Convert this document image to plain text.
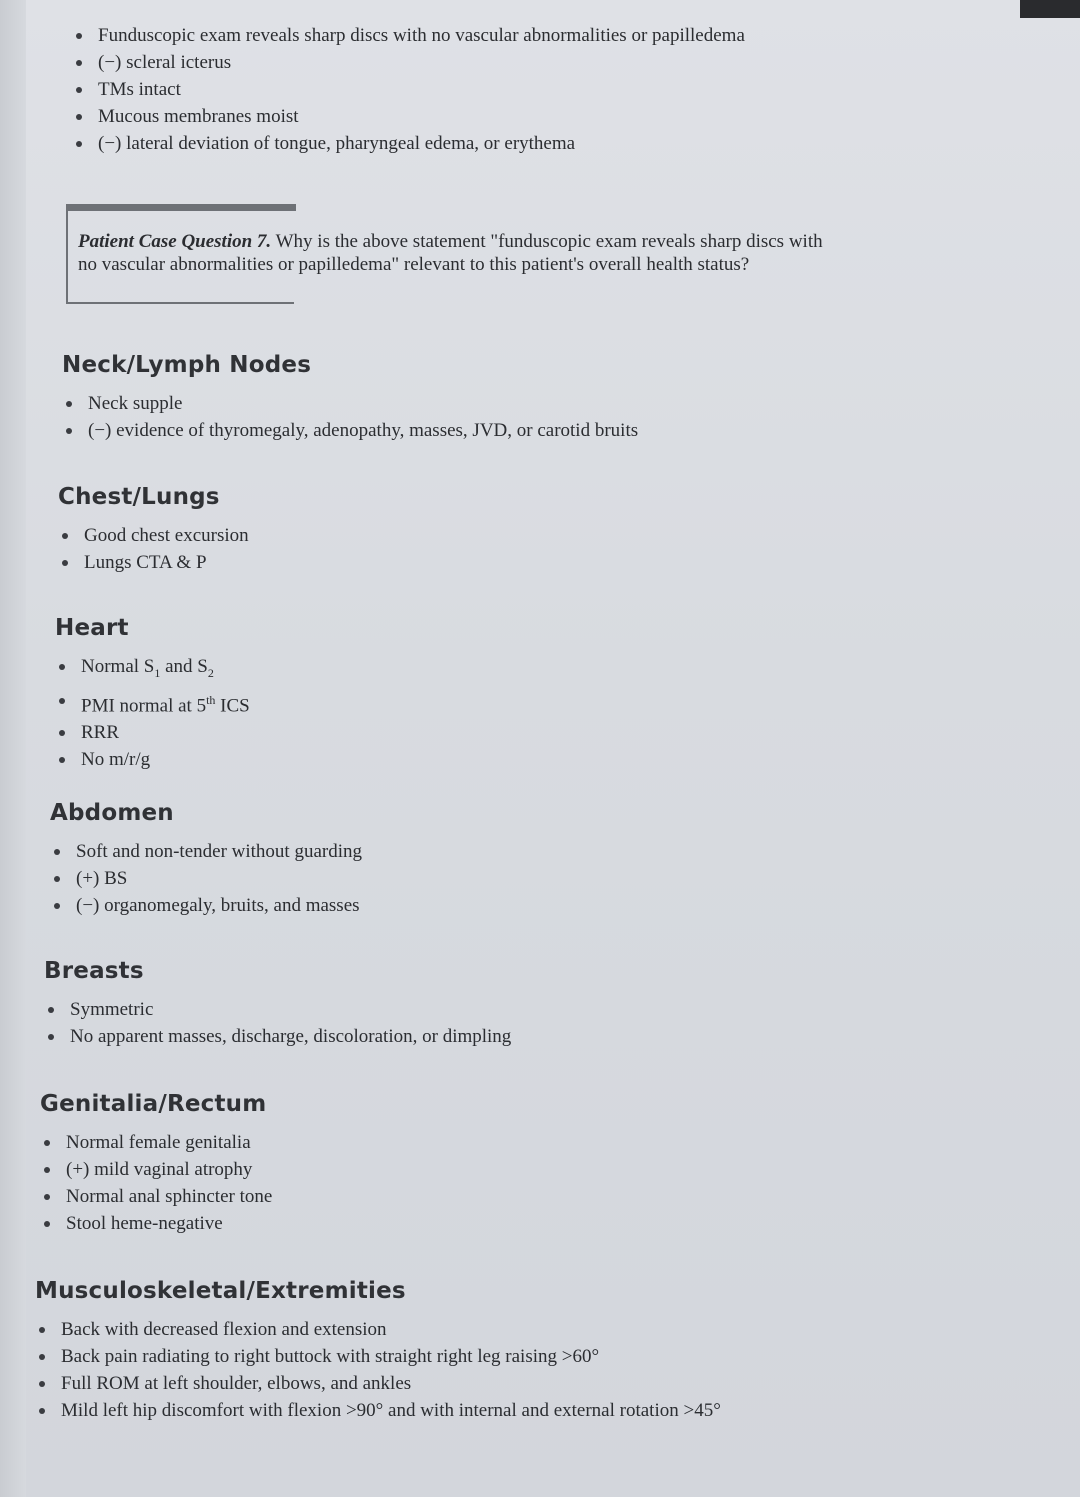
Funduscopic exam reveals sharp discs with no vascular abnormalities or papilledema
(−) scleral icterus
TMs intact
Mucous membranes moist
(−) lateral deviation of tongue, pharyngeal edema, or erythema
Patient Case Question 7. Why is the above statement "funduscopic exam reveals sharp discs with no vascular abnormalities or papilledema" relevant to this patient's overall health status?
Neck/Lymph Nodes
Neck supple
(−) evidence of thyromegaly, adenopathy, masses, JVD, or carotid bruits
Chest/Lungs
Good chest excursion
Lungs CTA & P
Heart
Normal $S_1$ and $S_2$
PMI normal at 5th ICS
RRR
No m/r/g
Abdomen
Soft and non-tender without guarding
(+) BS
(−) organomegaly, bruits, and masses
Breasts
Symmetric
No apparent masses, discharge, discoloration, or dimpling
Genitalia/Rectum
Normal female genitalia
(+) mild vaginal atrophy
Normal anal sphincter tone
Stool heme-negative
Musculoskeletal/Extremities
Back with decreased flexion and extension
Back pain radiating to right buttock with straight right leg raising >60°
Full ROM at left shoulder, elbows, and ankles
Mild left hip discomfort with flexion >90° and with internal and external rotation >45°
